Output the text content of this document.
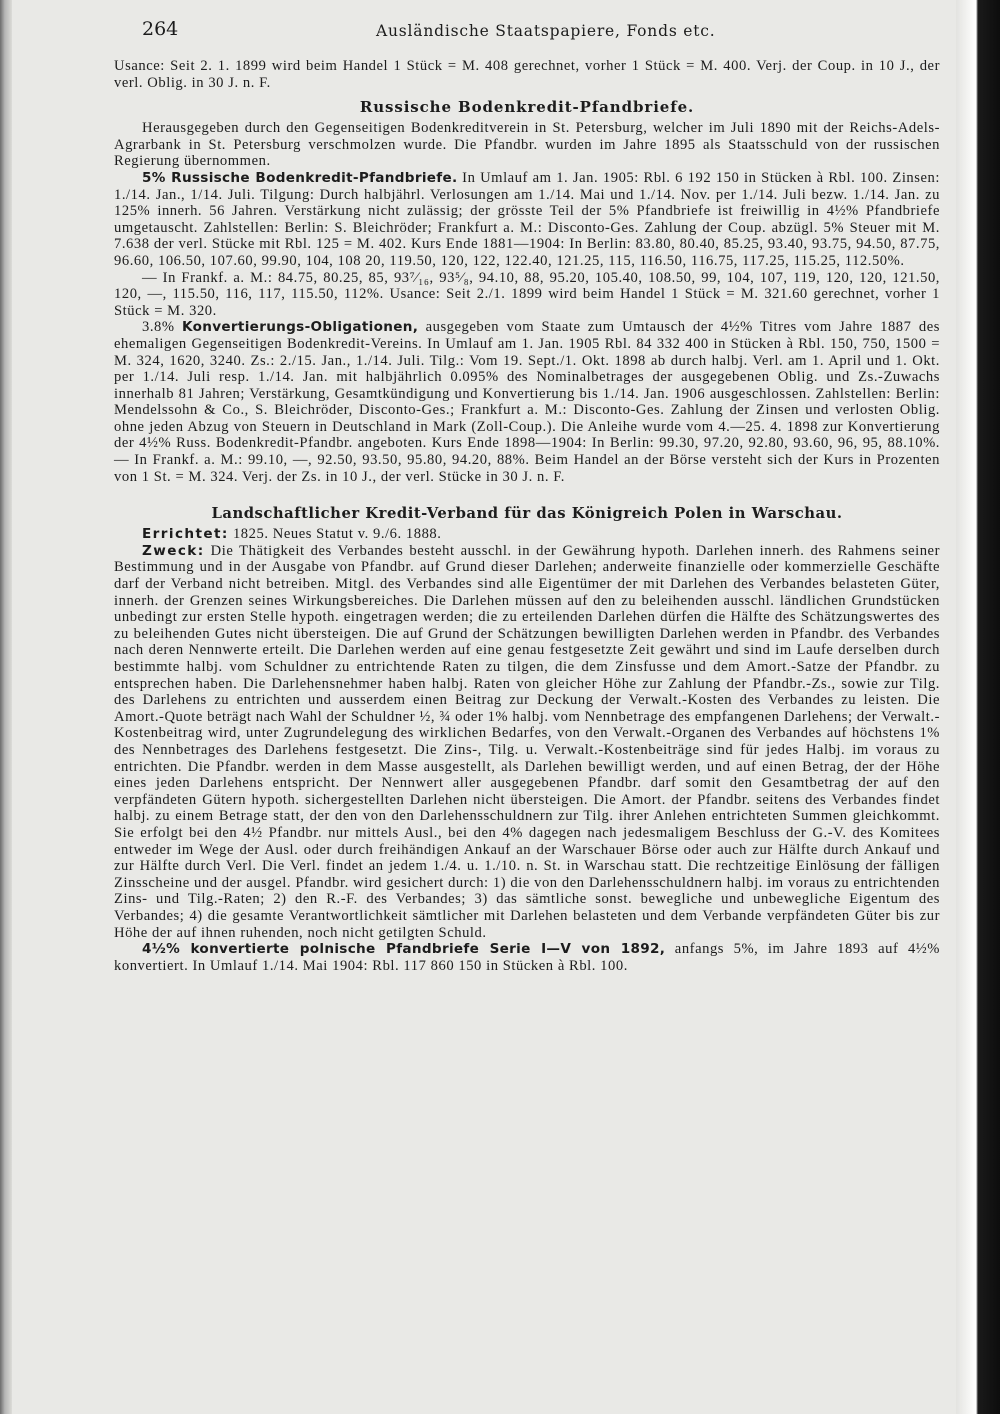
264	Ausländische Staatspapiere, Fonds etc.

Usance: Seit 2. 1. 1899 wird beim Handel 1 Stück = M. 408 gerechnet, vorher 1 Stück = M. 400. Verj. der Coup. in 10 J., der verl. Oblig. in 30 J. n. F.

Russische Bodenkredit-Pfandbriefe.

Herausgegeben durch den Gegenseitigen Bodenkreditverein in St. Petersburg, welcher im Juli 1890 mit der Reichs-Adels-Agrarbank in St. Petersburg verschmolzen wurde. Die Pfandbr. wurden im Jahre 1895 als Staatsschuld von der russischen Regierung übernommen.

5% Russische Bodenkredit-Pfandbriefe. In Umlauf am 1. Jan. 1905: Rbl. 6 192 150 in Stücken à Rbl. 100. Zinsen: 1./14. Jan., 1/14. Juli. Tilgung: Durch halbjährl. Verlosungen am 1./14. Mai und 1./14. Nov. per 1./14. Juli bezw. 1./14. Jan. zu 125% innerh. 56 Jahren. Verstärkung nicht zulässig; der grösste Teil der 5% Pfandbriefe ist freiwillig in 4½% Pfandbriefe umgetauscht. Zahlstellen: Berlin: S. Bleichröder; Frankfurt a. M.: Disconto-Ges. Zahlung der Coup. abzügl. 5% Steuer mit M. 7.638 der verl. Stücke mit Rbl. 125 = M. 402. Kurs Ende 1881—1904: In Berlin: 83.80, 80.40, 85.25, 93.40, 93.75, 94.50, 87.75, 96.60, 106.50, 107.60, 99.90, 104, 108 20, 119.50, 120, 122, 122.40, 121.25, 115, 116.50, 116.75, 117.25, 115.25, 112.50%.

— In Frankf. a. M.: 84.75, 80.25, 85, 93⁷⁄₁₆, 93⁵⁄₈, 94.10, 88, 95.20, 105.40, 108.50, 99, 104, 107, 119, 120, 120, 121.50, 120, —, 115.50, 116, 117, 115.50, 112%. Usance: Seit 2./1. 1899 wird beim Handel 1 Stück = M. 321.60 gerechnet, vorher 1 Stück = M. 320.

3.8% Konvertierungs-Obligationen, ausgegeben vom Staate zum Umtausch der 4½% Titres vom Jahre 1887 des ehemaligen Gegenseitigen Bodenkredit-Vereins. In Umlauf am 1. Jan. 1905 Rbl. 84 332 400 in Stücken à Rbl. 150, 750, 1500 = M. 324, 1620, 3240. Zs.: 2./15. Jan., 1./14. Juli. Tilg.: Vom 19. Sept./1. Okt. 1898 ab durch halbj. Verl. am 1. April und 1. Okt. per 1./14. Juli resp. 1./14. Jan. mit halbjährlich 0.095% des Nominalbetrages der ausgegebenen Oblig. und Zs.-Zuwachs innerhalb 81 Jahren; Verstärkung, Gesamtkündigung und Konvertierung bis 1./14. Jan. 1906 ausgeschlossen. Zahlstellen: Berlin: Mendelssohn & Co., S. Bleichröder, Disconto-Ges.; Frankfurt a. M.: Disconto-Ges. Zahlung der Zinsen und verlosten Oblig. ohne jeden Abzug von Steuern in Deutschland in Mark (Zoll-Coup.). Die Anleihe wurde vom 4.—25. 4. 1898 zur Konvertierung der 4½% Russ. Bodenkredit-Pfandbr. angeboten. Kurs Ende 1898—1904: In Berlin: 99.30, 97.20, 92.80, 93.60, 96, 95, 88.10%. — In Frankf. a. M.: 99.10, —, 92.50, 93.50, 95.80, 94.20, 88%. Beim Handel an der Börse versteht sich der Kurs in Prozenten von 1 St. = M. 324. Verj. der Zs. in 10 J., der verl. Stücke in 30 J. n. F.

Landschaftlicher Kredit-Verband für das Königreich Polen in Warschau.

Errichtet: 1825. Neues Statut v. 9./6. 1888.

Zweck: Die Thätigkeit des Verbandes besteht ausschl. in der Gewährung hypoth. Darlehen innerh. des Rahmens seiner Bestimmung und in der Ausgabe von Pfandbr. auf Grund dieser Darlehen; anderweite finanzielle oder kommerzielle Geschäfte darf der Verband nicht betreiben. Mitgl. des Verbandes sind alle Eigentümer der mit Darlehen des Verbandes belasteten Güter, innerh. der Grenzen seines Wirkungsbereiches. Die Darlehen müssen auf den zu beleihenden ausschl. ländlichen Grundstücken unbedingt zur ersten Stelle hypoth. eingetragen werden; die zu erteilenden Darlehen dürfen die Hälfte des Schätzungswertes des zu beleihenden Gutes nicht übersteigen. Die auf Grund der Schätzungen bewilligten Darlehen werden in Pfandbr. des Verbandes nach deren Nennwerte erteilt. Die Darlehen werden auf eine genau festgesetzte Zeit gewährt und sind im Laufe derselben durch bestimmte halbj. vom Schuldner zu entrichtende Raten zu tilgen, die dem Zinsfusse und dem Amort.-Satze der Pfandbr. zu entsprechen haben. Die Darlehensnehmer haben halbj. Raten von gleicher Höhe zur Zahlung der Pfandbr.-Zs., sowie zur Tilg. des Darlehens zu entrichten und ausserdem einen Beitrag zur Deckung der Verwalt.-Kosten des Verbandes zu leisten. Die Amort.-Quote beträgt nach Wahl der Schuldner ½, ¾ oder 1% halbj. vom Nennbetrage des empfangenen Darlehens; der Verwalt.-Kostenbeitrag wird, unter Zugrundelegung des wirklichen Bedarfes, von den Verwalt.-Organen des Verbandes auf höchstens 1% des Nennbetrages des Darlehens festgesetzt. Die Zins-, Tilg. u. Verwalt.-Kostenbeiträge sind für jedes Halbj. im voraus zu entrichten. Die Pfandbr. werden in dem Masse ausgestellt, als Darlehen bewilligt werden, und auf einen Betrag, der der Höhe eines jeden Darlehens entspricht. Der Nennwert aller ausgegebenen Pfandbr. darf somit den Gesamtbetrag der auf den verpfändeten Gütern hypoth. sichergestellten Darlehen nicht übersteigen. Die Amort. der Pfandbr. seitens des Verbandes findet halbj. zu einem Betrage statt, der den von den Darlehensschuldnern zur Tilg. ihrer Anlehen entrichteten Summen gleichkommt. Sie erfolgt bei den 4½ Pfandbr. nur mittels Ausl., bei den 4% dagegen nach jedesmaligem Beschluss der G.-V. des Komitees entweder im Wege der Ausl. oder durch freihändigen Ankauf an der Warschauer Börse oder auch zur Hälfte durch Ankauf und zur Hälfte durch Verl. Die Verl. findet an jedem 1./4. u. 1./10. n. St. in Warschau statt. Die rechtzeitige Einlösung der fälligen Zinsscheine und der ausgel. Pfandbr. wird gesichert durch: 1) die von den Darlehensschuldnern halbj. im voraus zu entrichtenden Zins- und Tilg.-Raten; 2) den R.-F. des Verbandes; 3) das sämtliche sonst. bewegliche und unbewegliche Eigentum des Verbandes; 4) die gesamte Verantwortlichkeit sämtlicher mit Darlehen belasteten und dem Verbande verpfändeten Güter bis zur Höhe der auf ihnen ruhenden, noch nicht getilgten Schuld.

4½% konvertierte polnische Pfandbriefe Serie I—V von 1892, anfangs 5%, im Jahre 1893 auf 4½% konvertiert. In Umlauf 1./14. Mai 1904: Rbl. 117 860 150 in Stücken à Rbl. 100.
